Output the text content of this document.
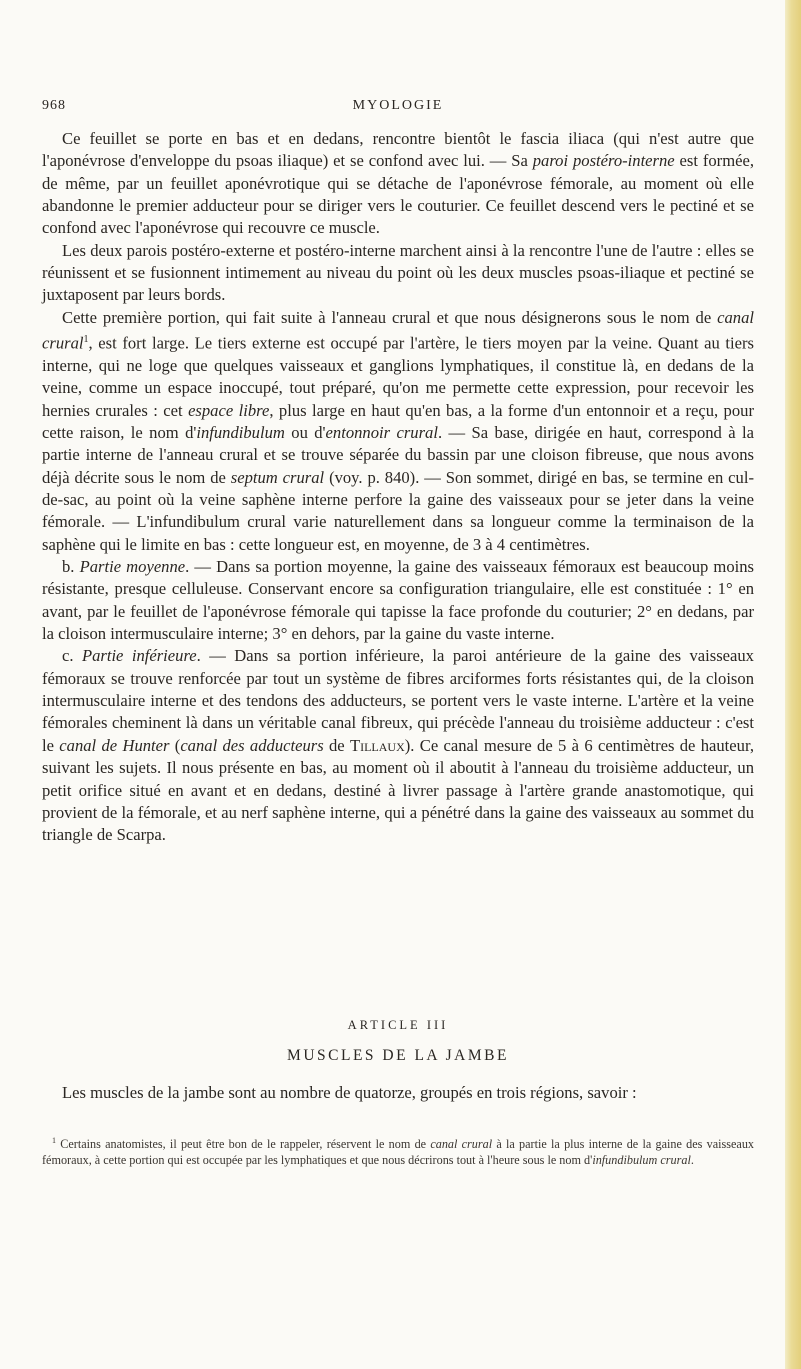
968	MYOLOGIE

Ce feuillet se porte en bas et en dedans, rencontre bientôt le fascia iliaca (qui n'est autre que l'aponévrose d'enveloppe du psoas iliaque) et se confond avec lui. — Sa paroi postéro-interne est formée, de même, par un feuillet aponévrotique qui se détache de l'aponévrose fémorale, au moment où elle abandonne le premier adducteur pour se diriger vers le couturier. Ce feuillet descend vers le pectiné et se confond avec l'aponévrose qui recouvre ce muscle.

Les deux parois postéro-externe et postéro-interne marchent ainsi à la rencontre l'une de l'autre : elles se réunissent et se fusionnent intimement au niveau du point où les deux muscles psoas-iliaque et pectiné se juxtaposent par leurs bords.

Cette première portion, qui fait suite à l'anneau crural et que nous désignerons sous le nom de canal crural$^1$, est fort large. Le tiers externe est occupé par l'artère, le tiers moyen par la veine. Quant au tiers interne, qui ne loge que quelques vaisseaux et ganglions lymphatiques, il constitue là, en dedans de la veine, comme un espace inoccupé, tout préparé, qu'on me permette cette expression, pour recevoir les hernies crurales : cet espace libre, plus large en haut qu'en bas, a la forme d'un entonnoir et a reçu, pour cette raison, le nom d'infundibulum ou d'entonnoir crural. — Sa base, dirigée en haut, correspond à la partie interne de l'anneau crural et se trouve séparée du bassin par une cloison fibreuse, que nous avons déjà décrite sous le nom de septum crural (voy. p. 840). — Son sommet, dirigé en bas, se termine en cul-de-sac, au point où la veine saphène interne perfore la gaine des vaisseaux pour se jeter dans la veine fémorale. — L'infundibulum crural varie naturellement dans sa longueur comme la terminaison de la saphène qui le limite en bas : cette longueur est, en moyenne, de 3 à 4 centimètres.

b. Partie moyenne. — Dans sa portion moyenne, la gaine des vaisseaux fémoraux est beaucoup moins résistante, presque celluleuse. Conservant encore sa configuration triangulaire, elle est constituée : 1° en avant, par le feuillet de l'aponévrose fémorale qui tapisse la face profonde du couturier; 2° en dedans, par la cloison intermusculaire interne; 3° en dehors, par la gaine du vaste interne.

c. Partie inférieure. — Dans sa portion inférieure, la paroi antérieure de la gaine des vaisseaux fémoraux se trouve renforcée par tout un système de fibres arciformes forts résistantes qui, de la cloison intermusculaire interne et des tendons des adducteurs, se portent vers le vaste interne. L'artère et la veine fémorales cheminent là dans un véritable canal fibreux, qui précède l'anneau du troisième adducteur : c'est le canal de Hunter (canal des adducteurs de Tillaux). Ce canal mesure de 5 à 6 centimètres de hauteur, suivant les sujets. Il nous présente en bas, au moment où il aboutit à l'anneau du troisième adducteur, un petit orifice situé en avant et en dedans, destiné à livrer passage à l'artère grande anastomotique, qui provient de la fémorale, et au nerf saphène interne, qui a pénétré dans la gaine des vaisseaux au sommet du triangle de Scarpa.

ARTICLE III
MUSCLES DE LA JAMBE

Les muscles de la jambe sont au nombre de quatorze, groupés en trois régions, savoir :

$^1$ Certains anatomistes, il peut être bon de le rappeler, réservent le nom de canal crural à la partie la plus interne de la gaine des vaisseaux fémoraux, à cette portion qui est occupée par les lymphatiques et que nous décrirons tout à l'heure sous le nom d'infundibulum crural.
